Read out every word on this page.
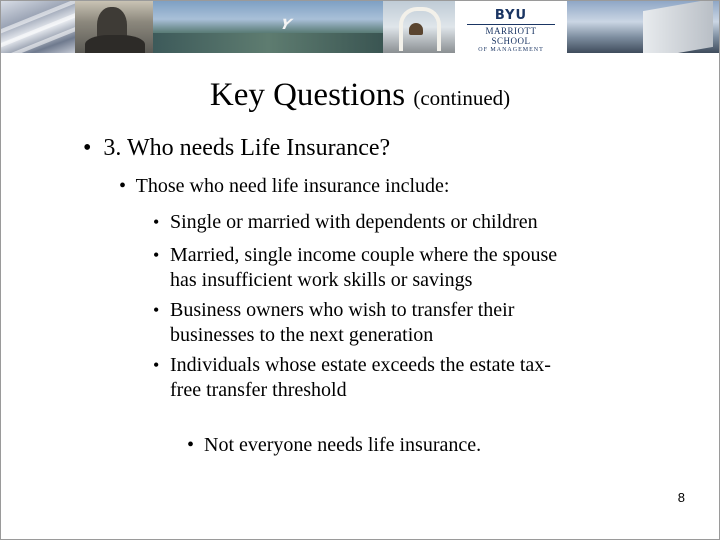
Y
BYU
MARRIOTT SCHOOL
OF MANAGEMENT
Key Questions (continued)
• 3. Who needs Life Insurance?
• Those who need life insurance include:
• Single or married with dependents or children
• Married, single income couple where the spouse
has insufficient work skills or savings
• Business owners who wish to transfer their
businesses to the next generation
• Individuals whose estate exceeds the estate tax-
free transfer threshold
• Not everyone needs life insurance.
8
